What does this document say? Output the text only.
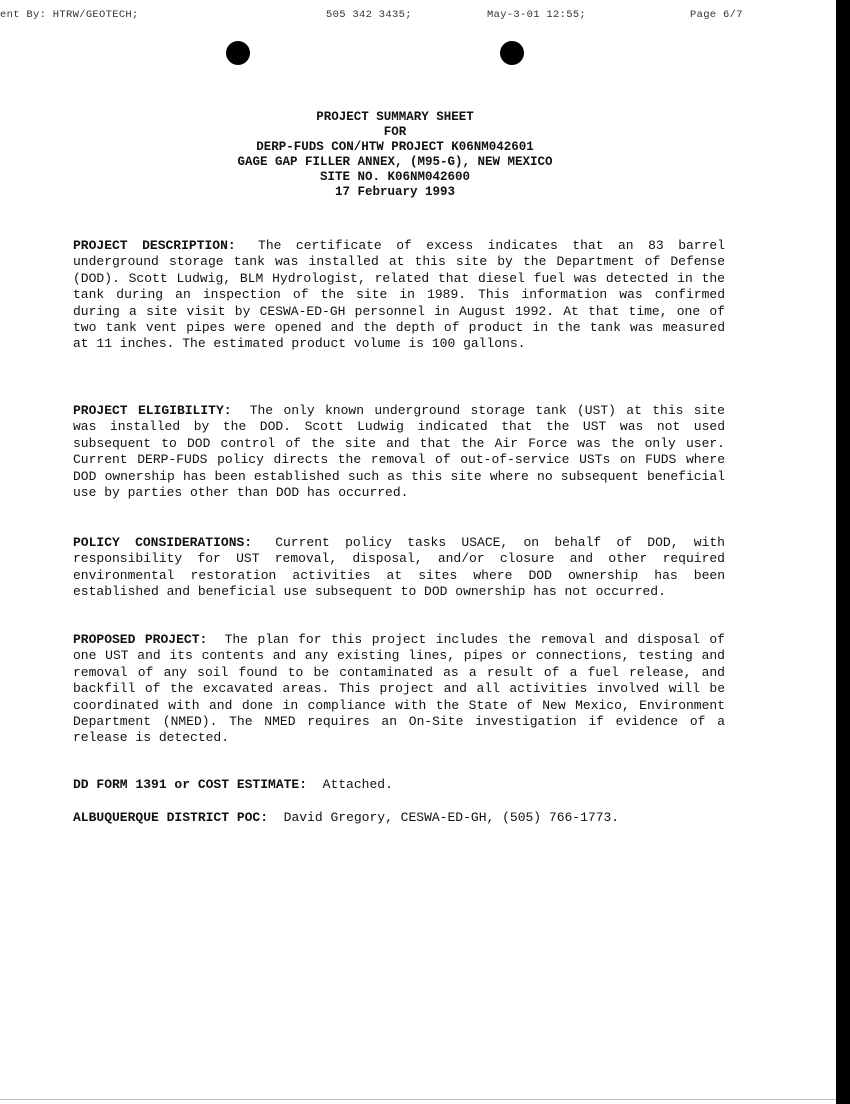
ent By: HTRW/GEOTECH;	505 342 3435;	May-3-01 12:55;	Page 6/7
PROJECT SUMMARY SHEET
FOR
DERP-FUDS CON/HTW PROJECT K06NM042601
GAGE GAP FILLER ANNEX, (M95-G), NEW MEXICO
SITE NO. K06NM042600
17 February 1993
PROJECT DESCRIPTION: The certificate of excess indicates that an 83 barrel underground storage tank was installed at this site by the Department of Defense (DOD). Scott Ludwig, BLM Hydrologist, related that diesel fuel was detected in the tank during an inspection of the site in 1989. This information was confirmed during a site visit by CESWA-ED-GH personnel in August 1992. At that time, one of two tank vent pipes were opened and the depth of product in the tank was measured at 11 inches. The estimated product volume is 100 gallons.
PROJECT ELIGIBILITY: The only known underground storage tank (UST) at this site was installed by the DOD. Scott Ludwig indicated that the UST was not used subsequent to DOD control of the site and that the Air Force was the only user. Current DERP-FUDS policy directs the removal of out-of-service USTs on FUDS where DOD ownership has been established such as this site where no subsequent beneficial use by parties other than DOD has occurred.
POLICY CONSIDERATIONS: Current policy tasks USACE, on behalf of DOD, with responsibility for UST removal, disposal, and/or closure and other required environmental restoration activities at sites where DOD ownership has been established and beneficial use subsequent to DOD ownership has not occurred.
PROPOSED PROJECT: The plan for this project includes the removal and disposal of one UST and its contents and any existing lines, pipes or connections, testing and removal of any soil found to be contaminated as a result of a fuel release, and backfill of the excavated areas. This project and all activities involved will be coordinated with and done in compliance with the State of New Mexico, Environment Department (NMED). The NMED requires an On-Site investigation if evidence of a release is detected.
DD FORM 1391 or COST ESTIMATE: Attached.
ALBUQUERQUE DISTRICT POC: David Gregory, CESWA-ED-GH, (505) 766-1773.
